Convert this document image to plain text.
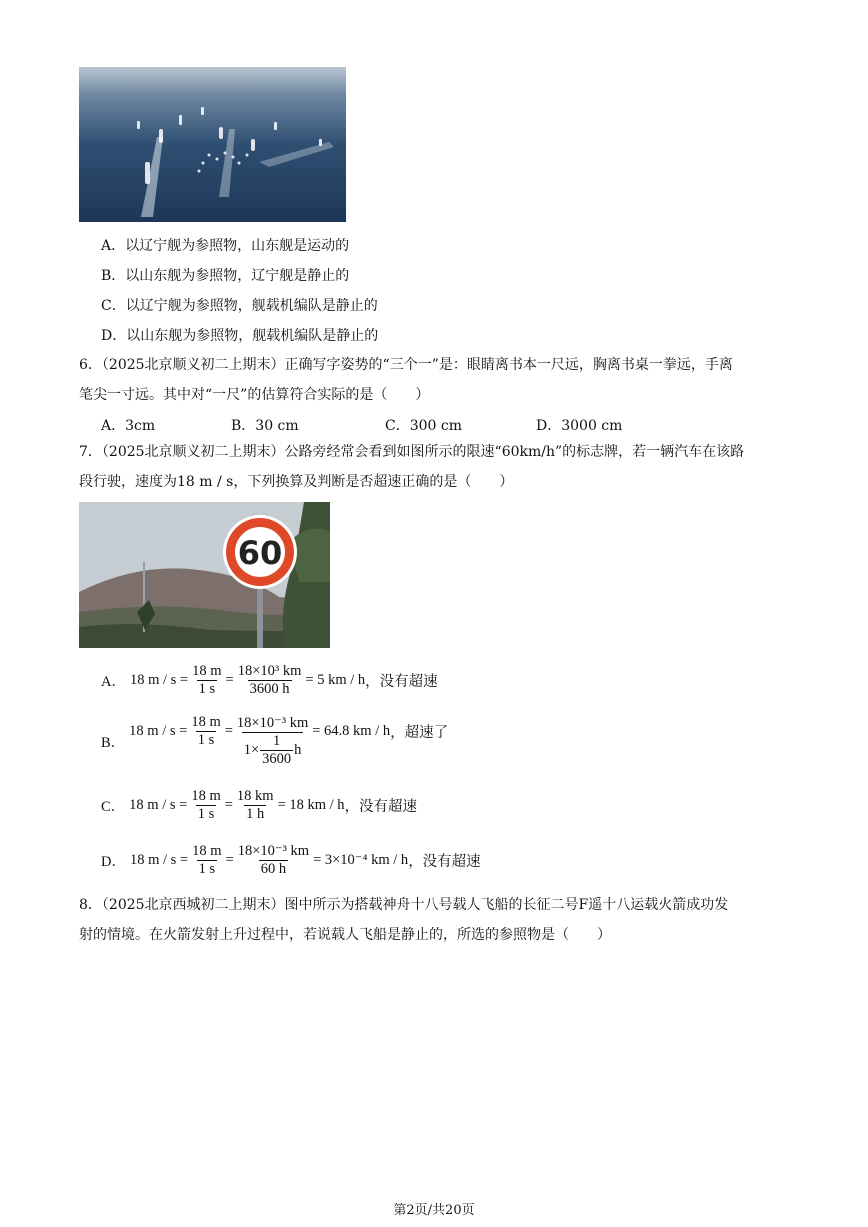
A．以辽宁舰为参照物，山东舰是运动的
B．以山东舰为参照物，辽宁舰是静止的
C．以辽宁舰为参照物，舰载机编队是静止的
D．以山东舰为参照物，舰载机编队是静止的
6．（2025北京顺义初二上期末）正确写字姿势的“三个一”是：眼睛离书本一尺远，胸离书桌一拳远，手离
笔尖一寸远。其中对“一尺”的估算符合实际的是（　　）
A．3cm	B．30 cm	C．300 cm	D．3000 cm
7．（2025北京顺义初二上期末）公路旁经常会看到如图所示的限速“60km/h”的标志牌，若一辆汽车在该路
段行驶，速度为18 m / s，下列换算及判断是否超速正确的是（　　）
60
A． 18 $m / s = \frac{18 m}{1 s} = \frac{\text{18×10³ km}}{3600 h} = 5$ km / h ，没有超速
B．
18 $m / s = \frac{18 m}{1 s} = \frac{\text{18×10⁻³ km}}{1\times \frac{1}{3600} h} = 64.8$ km / h ，超速了
C． 18 $m / s = \frac{18 m}{1 s} = \frac{18 km}{1 h} = 18$ km / h ，没有超速
D． 18 $m / s = \frac{18 m}{1 s} = \frac{\text{18×10⁻³ km}}{60 h} = 3\times 10^{-4}$ km / h ，没有超速
8．（2025北京西城初二上期末）图中所示为搭载神舟十八号载人飞船的长征二号F遥十八运载火箭成功发
射的情境。在火箭发射上升过程中，若说载人飞船是静止的，所选的参照物是（　　）
第2页/共20页
